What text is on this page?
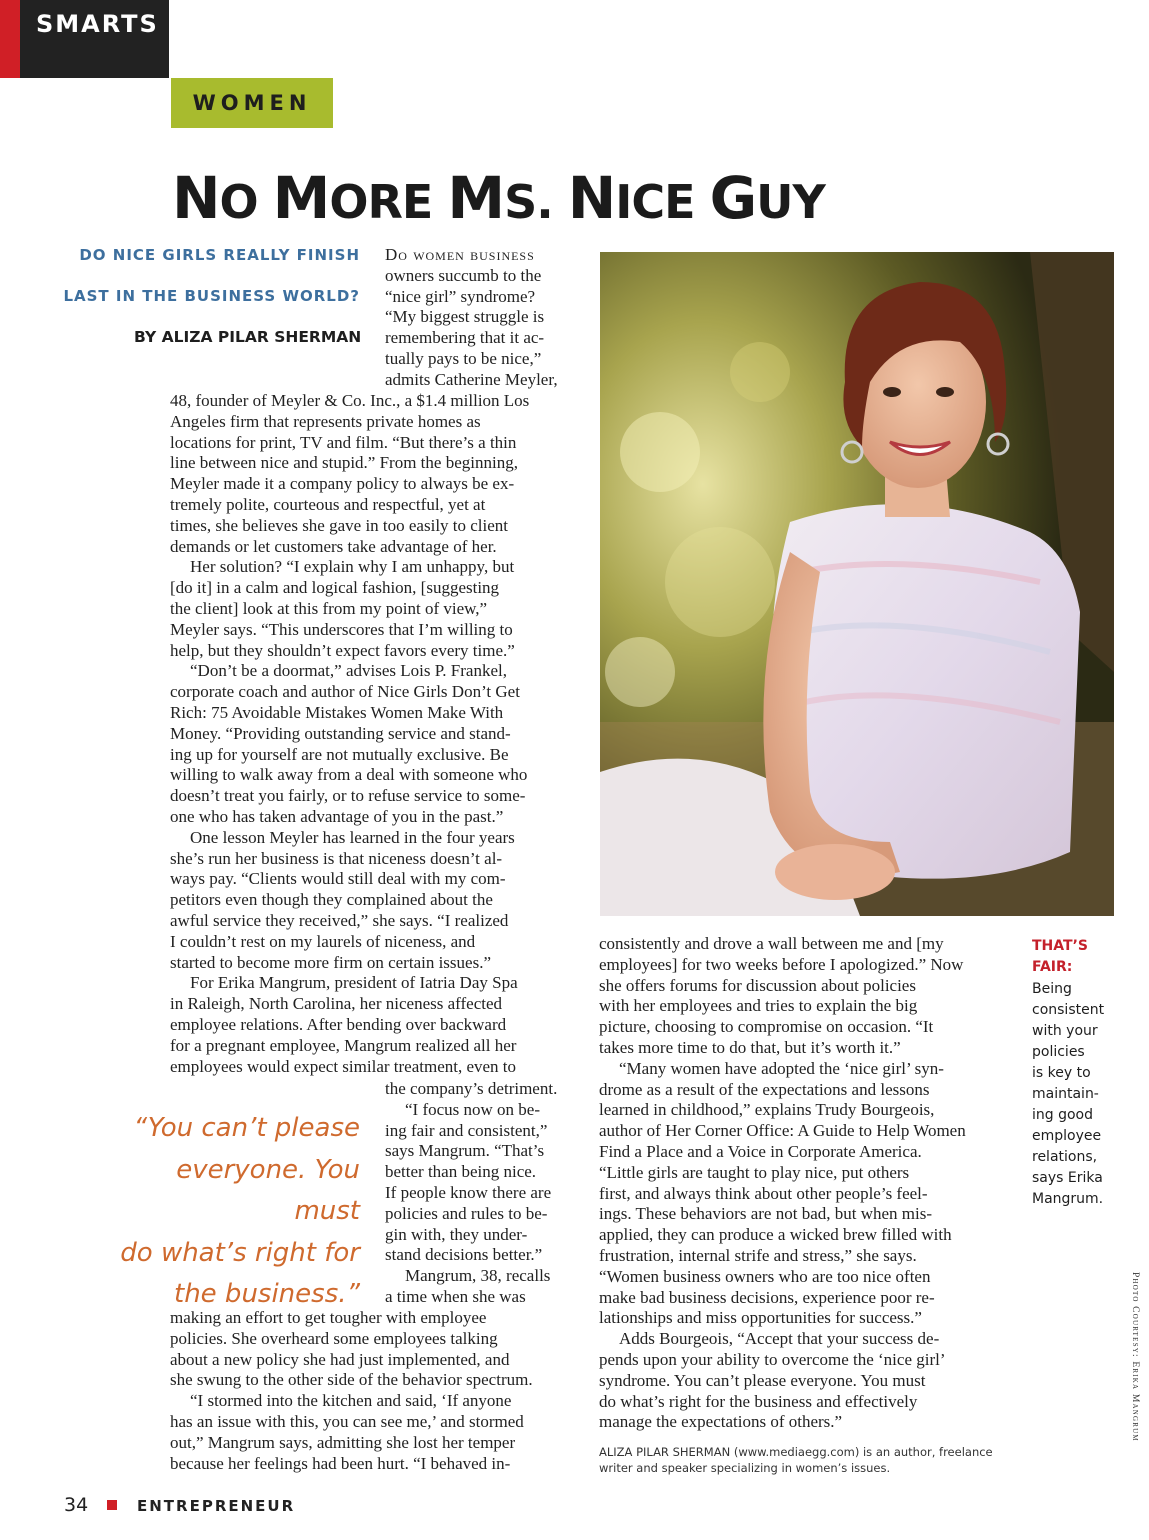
SMARTS
WOMEN
NO MORE MS. NICE GUY
DO NICE GIRLS REALLY FINISH
LAST IN THE BUSINESS WORLD?
BY ALIZA PILAR SHERMAN

Do women business

owners succumb to the

“nice girl” syndrome?

“My biggest struggle is

remembering that it ac-

tually pays to be nice,”

admits Catherine Meyler,

48, founder of Meyler & Co. Inc., a $1.4 million Los

Angeles firm that represents private homes as

locations for print, TV and film. “But there’s a thin

line between nice and stupid.” From the beginning,

Meyler made it a company policy to always be ex-

tremely polite, courteous and respectful, yet at

times, she believes she gave in too easily to client

demands or let customers take advantage of her.

Her solution? “I explain why I am unhappy, but

[do it] in a calm and logical fashion, [suggesting

the client] look at this from my point of view,”

Meyler says. “This underscores that I’m willing to

help, but they shouldn’t expect favors every time.”

“Don’t be a doormat,” advises Lois P. Frankel,

corporate coach and author of Nice Girls Don’t Get

Rich: 75 Avoidable Mistakes Women Make With

Money. “Providing outstanding service and stand-

ing up for yourself are not mutually exclusive. Be

willing to walk away from a deal with someone who

doesn’t treat you fairly, or to refuse service to some-

one who has taken advantage of you in the past.”

One lesson Meyler has learned in the four years

she’s run her business is that niceness doesn’t al-

ways pay. “Clients would still deal with my com-

petitors even though they complained about the

awful service they received,” she says. “I realized

I couldn’t rest on my laurels of niceness, and

started to become more firm on certain issues.”

For Erika Mangrum, president of Iatria Day Spa

in Raleigh, North Carolina, her niceness affected

employee relations. After bending over backward

for a pregnant employee, Mangrum realized all her

employees would expect similar treatment, even to

“You can’t please
everyone. You must
do what’s right for
the business.”

the company’s detriment.

“I focus now on be-

ing fair and consistent,”

says Mangrum. “That’s

better than being nice.

If people know there are

policies and rules to be-

gin with, they under-

stand decisions better.”

Mangrum, 38, recalls

a time when she was

making an effort to get tougher with employee

policies. She overheard some employees talking

about a new policy she had just implemented, and

she swung to the other side of the behavior spectrum.

“I stormed into the kitchen and said, ‘If anyone

has an issue with this, you can see me,’ and stormed

out,” Mangrum says, admitting she lost her temper

because her feelings had been hurt. “I behaved in-

consistently and drove a wall between me and [my

employees] for two weeks before I apologized.” Now

she offers forums for discussion about policies

with her employees and tries to explain the big

picture, choosing to compromise on occasion. “It

takes more time to do that, but it’s worth it.”

“Many women have adopted the ‘nice girl’ syn-

drome as a result of the expectations and lessons

learned in childhood,” explains Trudy Bourgeois,

author of Her Corner Office: A Guide to Help Women

Find a Place and a Voice in Corporate America.

“Little girls are taught to play nice, put others

first, and always think about other people’s feel-

ings. These behaviors are not bad, but when mis-

applied, they can produce a wicked brew filled with

frustration, internal strife and stress,” she says.

“Women business owners who are too nice often

make bad business decisions, experience poor re-

lationships and miss opportunities for success.”

Adds Bourgeois, “Accept that your success de-

pends upon your ability to overcome the ‘nice girl’

syndrome. You can’t please everyone. You must

do what’s right for the business and effectively

manage the expectations of others.”

THAT’S
FAIR:
Being
consistent
with your
policies
is key to
maintain-
ing good
employee
relations,
says Erika
Mangrum.
Photo Courtesy: Erika Mangrum
ALIZA PILAR SHERMAN (www.mediaegg.com) is an author, freelance
writer and speaker specializing in women’s issues.
34	ENTREPRENEUR
